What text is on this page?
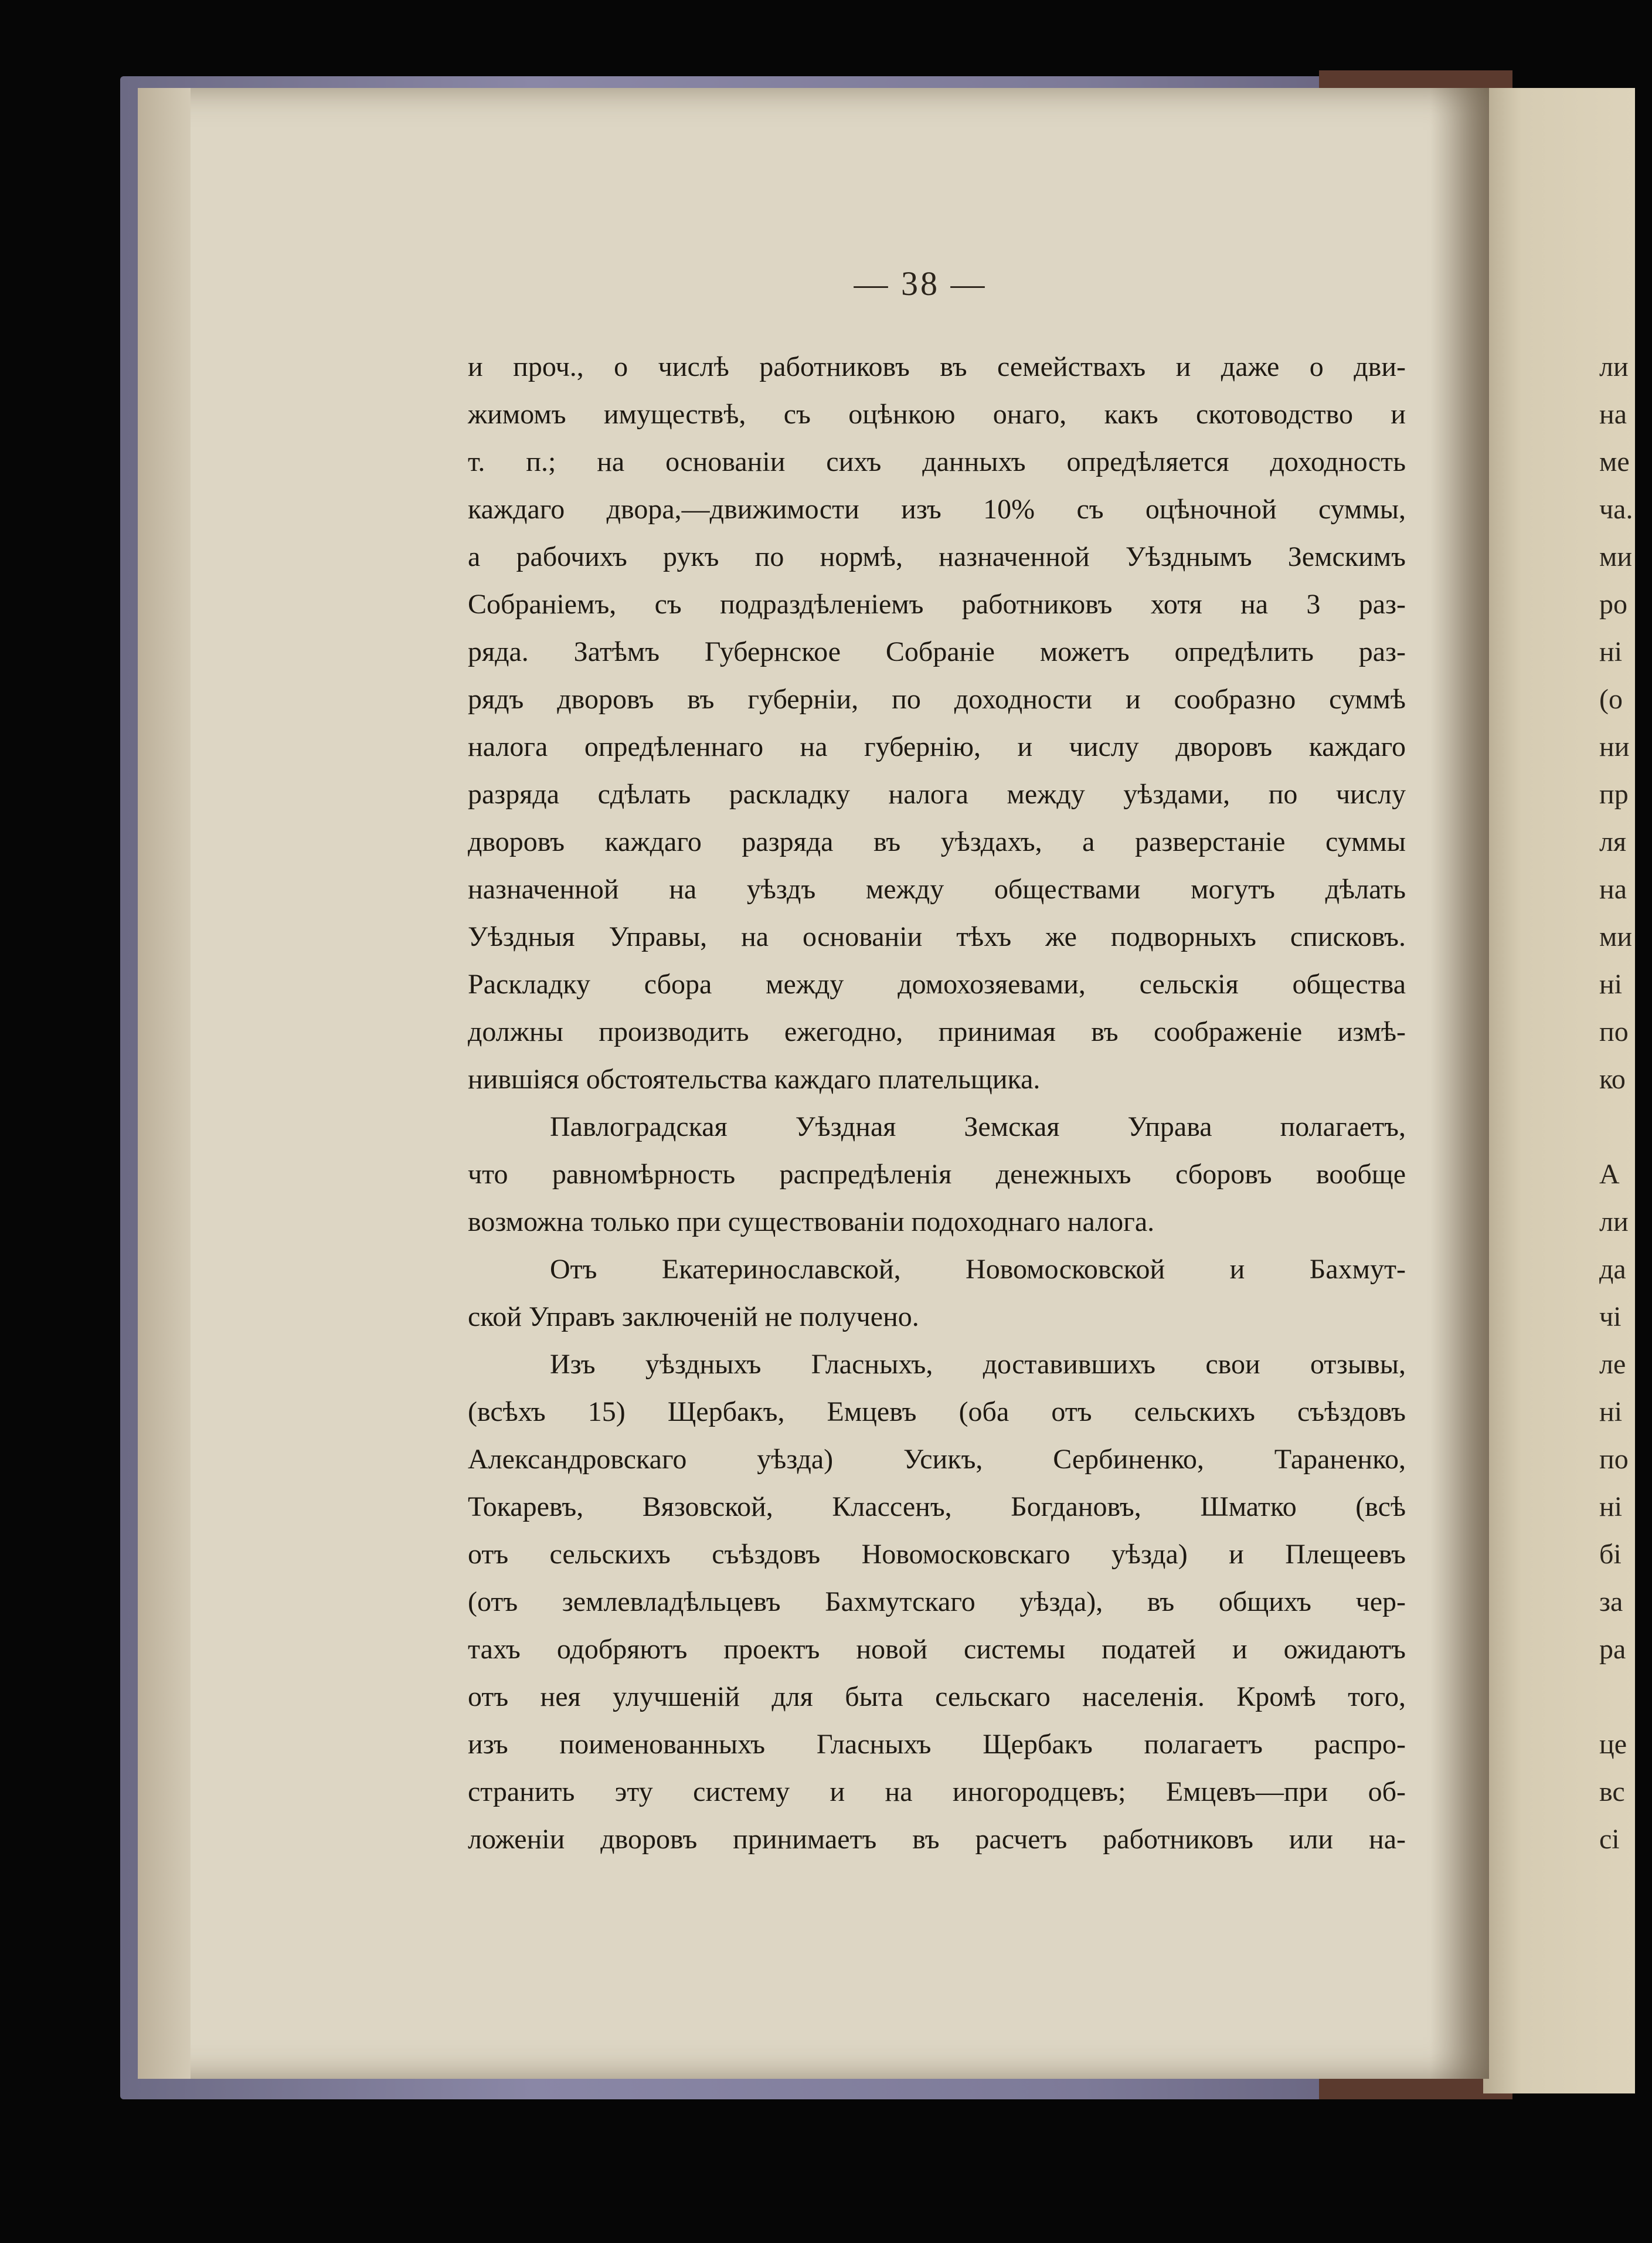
ли
на
ме
ча.
ми
ро
ні
(о
ни
пр
ля
на
ми
ні
по
ко
А
ли
да
чі
ле
ні
по
ні
бі
за
ра
це
вс
сі
— 38 —
и проч., о числѣ работниковъ въ семействахъ и даже о дви-
жимомъ имуществѣ, съ оцѣнкою онаго, какъ скотоводство и
т. п.; на основаніи сихъ данныхъ опредѣляется доходность
каждаго двора,—движимости изъ 10% съ оцѣночной суммы,
а рабочихъ рукъ по нормѣ, назначенной Уѣзднымъ Земскимъ
Собраніемъ, съ подраздѣленіемъ работниковъ хотя на 3 раз-
ряда. Затѣмъ Губернское Собраніе можетъ опредѣлить раз-
рядъ дворовъ въ губерніи, по доходности и сообразно суммѣ
налога опредѣленнаго на губернію, и числу дворовъ каждаго
разряда сдѣлать раскладку налога между уѣздами, по числу
дворовъ каждаго разряда въ уѣздахъ, а разверстаніе суммы
назначенной на уѣздъ между обществами могутъ дѣлать
Уѣздныя Управы, на основаніи тѣхъ же подворныхъ списковъ.
Раскладку сбора между домохозяевами, сельскія общества
должны производить ежегодно, принимая въ соображеніе измѣ-
нившіяся обстоятельства каждаго плательщика.
Павлоградская Уѣздная Земская Управа полагаетъ,
что равномѣрность распредѣленія денежныхъ сборовъ вообще
возможна только при существованіи подоходнаго налога.
Отъ Екатеринославской, Новомосковской и Бахмут-
ской Управъ заключеній не получено.
Изъ уѣздныхъ Гласныхъ, доставившихъ свои отзывы,
(всѣхъ 15) Щербакъ, Емцевъ (оба отъ сельскихъ съѣздовъ
Александровскаго уѣзда) Усикъ, Сербиненко, Тараненко,
Токаревъ, Вязовской, Классенъ, Богдановъ, Шматко (всѣ
отъ сельскихъ съѣздовъ Новомосковскаго уѣзда) и Плещеевъ
(отъ землевладѣльцевъ Бахмутскаго уѣзда), въ общихъ чер-
тахъ одобряютъ проектъ новой системы податей и ожидаютъ
отъ нея улучшеній для быта сельскаго населенія. Кромѣ того,
изъ поименованныхъ Гласныхъ Щербакъ полагаетъ распро-
странить эту систему и на иногородцевъ; Емцевъ—при об-
ложеніи дворовъ принимаетъ въ расчетъ работниковъ или на-
